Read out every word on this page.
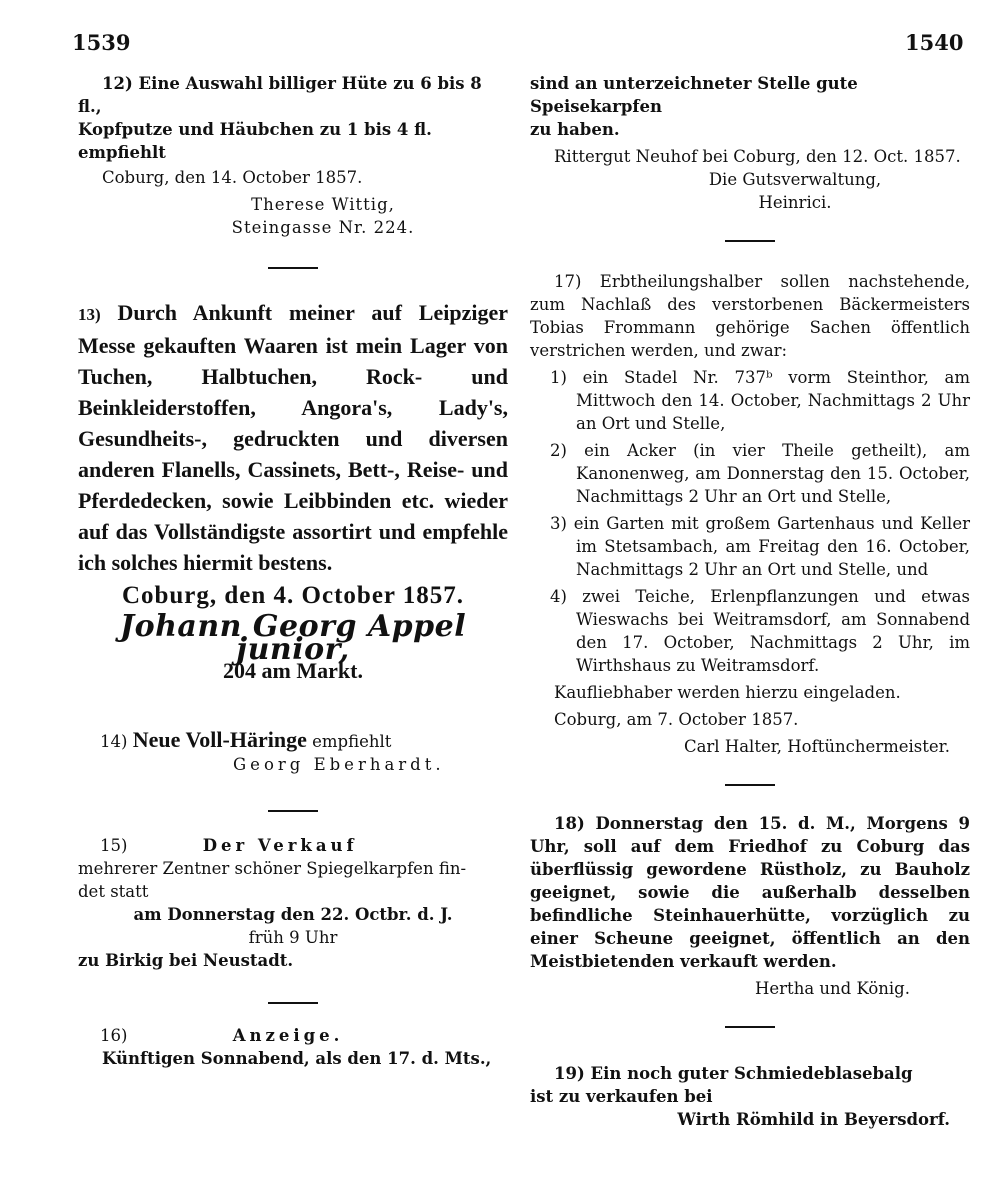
1539	1540

12) Eine Auswahl billiger Hüte zu 6 bis 8 fl.,

Kopfputze und Häubchen zu 1 bis 4 fl. empfiehlt

Coburg, den 14. October 1857.

Therese Wittig,

Steingasse Nr. 224.

13) Durch Ankunft meiner auf Leipziger Messe gekauften Waaren ist mein Lager von Tuchen, Halbtuchen, Rock- und Beinkleiderstoffen, Angora's, Lady's, Gesundheits-, gedruckten und diversen anderen Flanells, Cassinets, Bett-, Reise- und Pferdedecken, sowie Leibbinden etc. wieder auf das Vollständigste assortirt und empfehle ich solches hiermit bestens.

Coburg, den 4. October 1857.

Johann Georg Appel junior,

204 am Markt.

14) Neue Voll-Häringe empfiehlt

Georg Eberhardt.

15)	Der Verkauf

mehrerer Zentner schöner Spiegelkarpfen fin-

det statt

am Donnerstag den 22. Octbr. d. J.

früh 9 Uhr

zu Birkig bei Neustadt.

16)	Anzeige.

Künftigen Sonnabend, als den 17. d. Mts.,

sind an unterzeichneter Stelle gute Speisekarpfen

zu haben.

Rittergut Neuhof bei Coburg, den 12. Oct. 1857.

Die Gutsverwaltung,

Heinrici.

17) Erbtheilungshalber sollen nachstehende, zum Nachlaß des verstorbenen Bäckermeisters Tobias Frommann gehörige Sachen öffentlich verstrichen werden, und zwar:

1) ein Stadel Nr. 737ᵇ vorm Steinthor, am Mittwoch den 14. October, Nachmittags 2 Uhr an Ort und Stelle,

2) ein Acker (in vier Theile getheilt), am Kanonenweg, am Donnerstag den 15. October, Nachmittags 2 Uhr an Ort und Stelle,

3) ein Garten mit großem Gartenhaus und Keller im Stetsambach, am Freitag den 16. October, Nachmittags 2 Uhr an Ort und Stelle, und

4) zwei Teiche, Erlenpflanzungen und etwas Wieswachs bei Weitramsdorf, am Sonnabend den 17. October, Nachmittags 2 Uhr, im Wirthshaus zu Weitramsdorf.

Kaufliebhaber werden hierzu eingeladen.

Coburg, am 7. October 1857.

Carl Halter, Hoftünchermeister.

18) Donnerstag den 15. d. M., Morgens 9 Uhr, soll auf dem Friedhof zu Coburg das überflüssig gewordene Rüstholz, zu Bauholz geeignet, sowie die außerhalb desselben befindliche Steinhauerhütte, vorzüglich zu einer Scheune geeignet, öffentlich an den Meistbietenden verkauft werden.

Hertha und König.

19) Ein noch guter Schmiedeblasebalg

ist zu verkaufen bei

Wirth Römhild in Beyersdorf.
